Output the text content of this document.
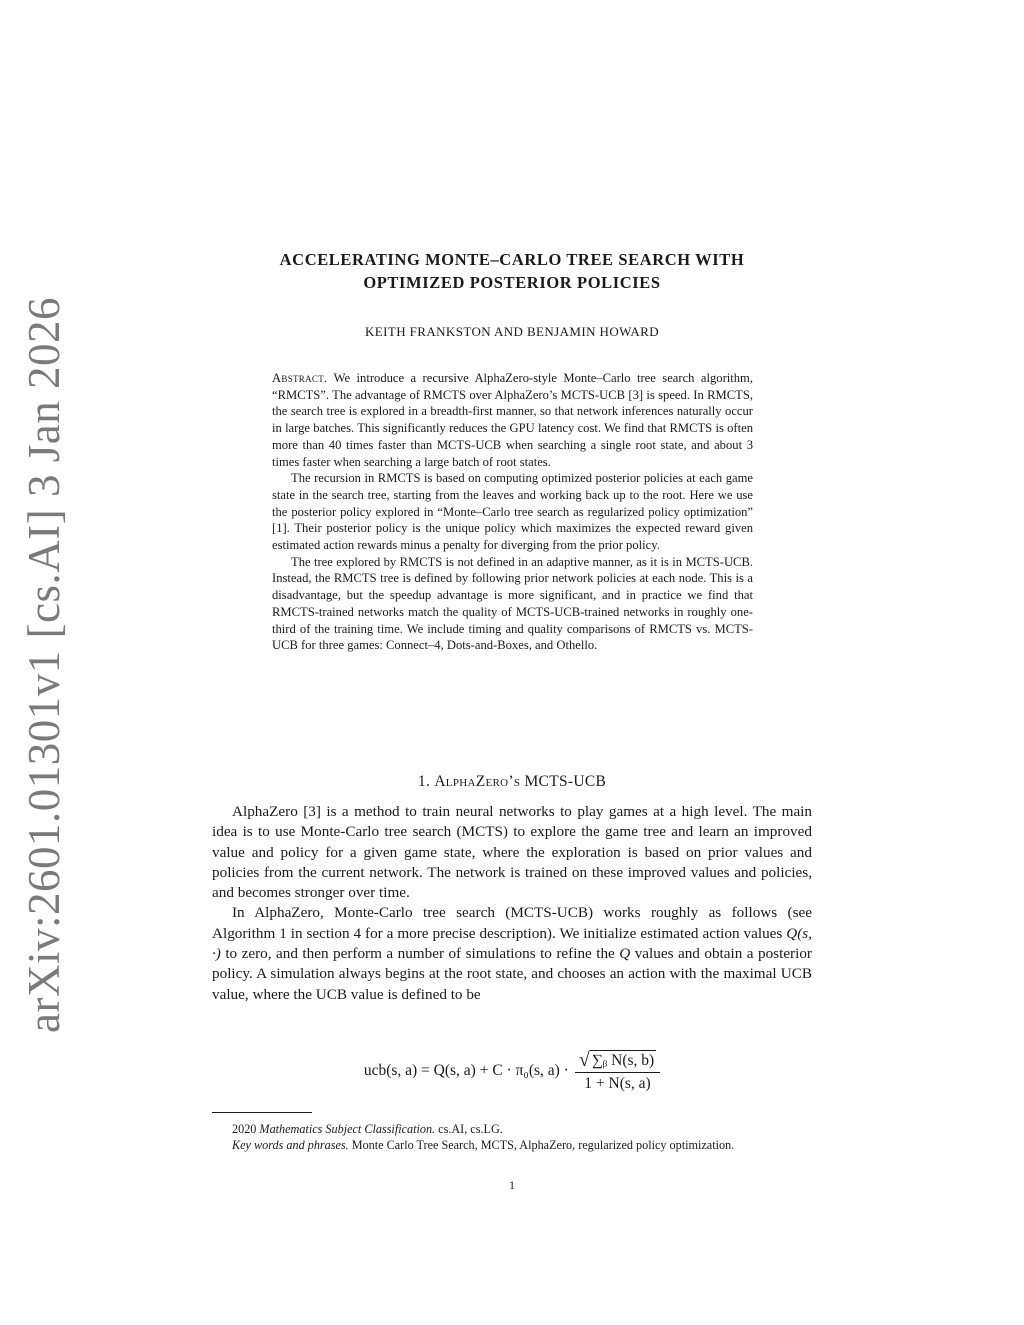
arXiv:2601.01301v1 [cs.AI] 3 Jan 2026
ACCELERATING MONTE–CARLO TREE SEARCH WITH
OPTIMIZED POSTERIOR POLICIES
KEITH FRANKSTON AND BENJAMIN HOWARD

Abstract. We introduce a recursive AlphaZero-style Monte–Carlo tree search algorithm, “RMCTS”. The advantage of RMCTS over AlphaZero’s MCTS-UCB [3] is speed. In RMCTS, the search tree is explored in a breadth-first manner, so that network inferences naturally occur in large batches. This significantly reduces the GPU latency cost. We find that RMCTS is often more than 40 times faster than MCTS-UCB when searching a single root state, and about 3 times faster when searching a large batch of root states.

The recursion in RMCTS is based on computing optimized posterior policies at each game state in the search tree, starting from the leaves and working back up to the root. Here we use the posterior policy explored in “Monte–Carlo tree search as regularized policy optimization” [1]. Their posterior policy is the unique policy which maximizes the expected reward given estimated action rewards minus a penalty for diverging from the prior policy.

The tree explored by RMCTS is not defined in an adaptive manner, as it is in MCTS-UCB. Instead, the RMCTS tree is defined by following prior network policies at each node. This is a disadvantage, but the speedup advantage is more significant, and in practice we find that RMCTS-trained networks match the quality of MCTS-UCB-trained networks in roughly one-third of the training time. We include timing and quality comparisons of RMCTS vs. MCTS-UCB for three games: Connect–4, Dots-and-Boxes, and Othello.

1. AlphaZero’s MCTS-UCB

AlphaZero [3] is a method to train neural networks to play games at a high level. The main idea is to use Monte-Carlo tree search (MCTS) to explore the game tree and learn an improved value and policy for a given game state, where the exploration is based on prior values and policies from the current network. The network is trained on these improved values and policies, and becomes stronger over time.

In AlphaZero, Monte-Carlo tree search (MCTS-UCB) works roughly as follows (see Algorithm 1 in section 4 for a more precise description). We initialize estimated action values Q(s, ·) to zero, and then perform a number of simulations to refine the Q values and obtain a posterior policy. A simulation always begins at the root state, and chooses an action with the maximal UCB value, where the UCB value is defined to be

ucb(s, a) = Q(s, a) + C · π₀(s, $a) \cdot \frac{\text{√ ∑ᵦ N(s, b)}}{1 + N(s, a)}$

2020 Mathematics Subject Classification. cs.AI, cs.LG.

Key words and phrases. Monte Carlo Tree Search, MCTS, AlphaZero, regularized policy optimization.

1
